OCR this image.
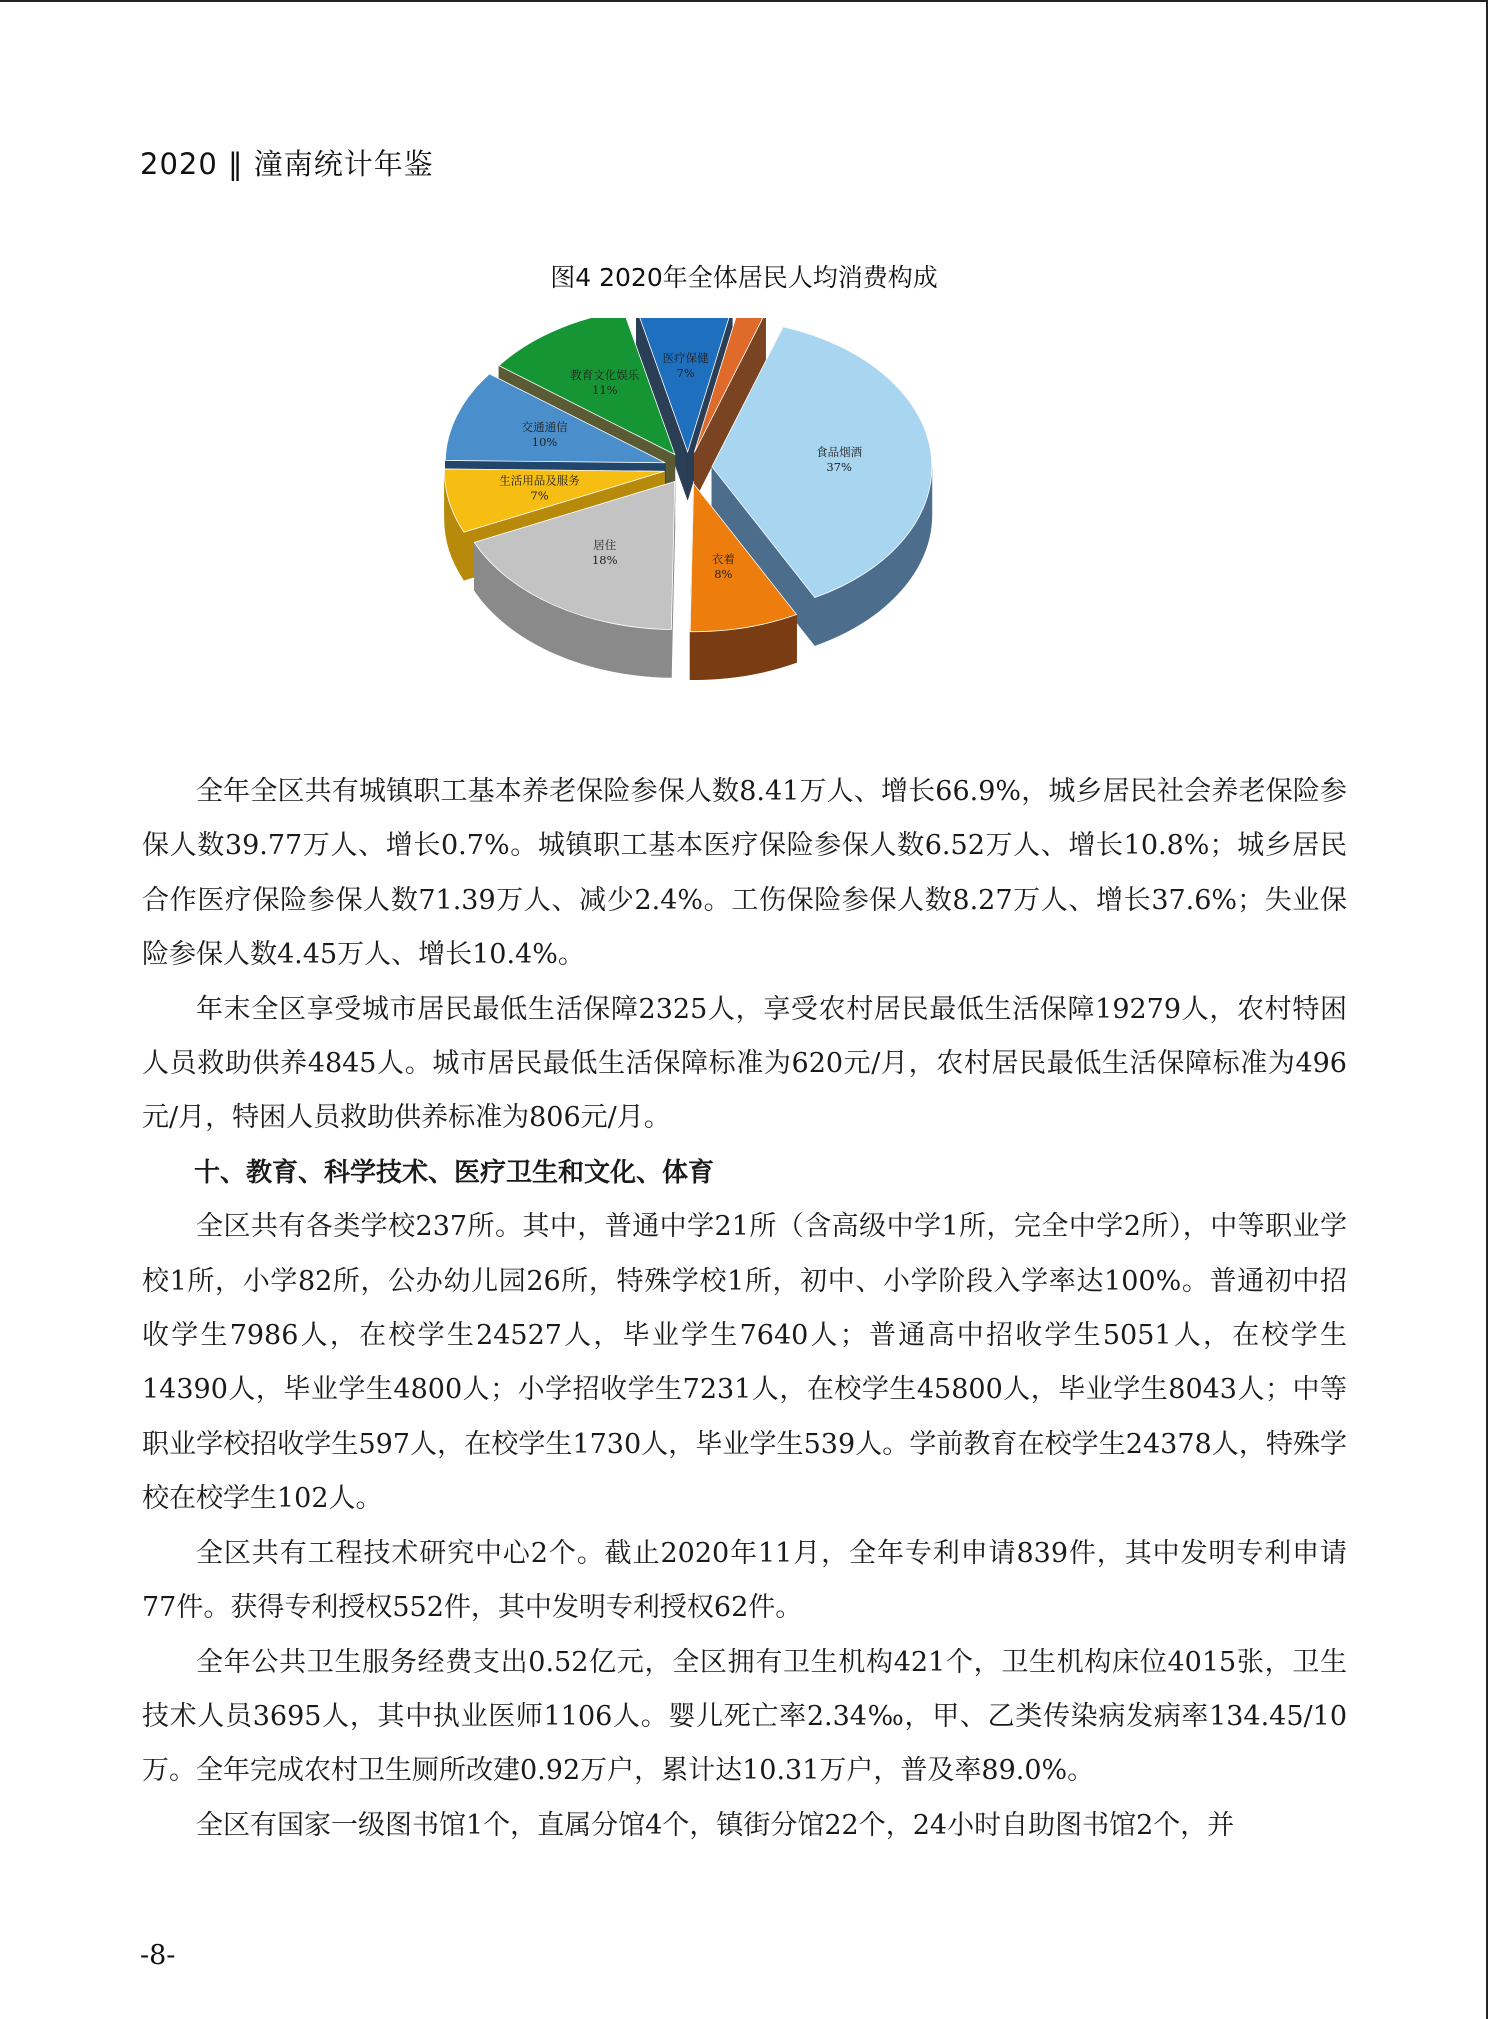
2020 ‖ 潼南统计年鉴
图4 2020年全体居民人均消费构成
食品烟酒
37%
衣着
8%
居住
18%
生活用品及服务
7%
交通通信
10%
教育文化娱乐
11%
医疗保健
7%

全年全区共有城镇职工基本养老保险参保人数8.41万人、增长66.9%，城乡居民社会养老保险参保人数39.77万人、增长0.7%。城镇职工基本医疗保险参保人数6.52万人、增长10.8%；城乡居民合作医疗保险参保人数71.39万人、减少2.4%。工伤保险参保人数8.27万人、增长37.6%；失业保险参保人数4.45万人、增长10.4%。

年末全区享受城市居民最低生活保障2325人，享受农村居民最低生活保障19279人，农村特困人员救助供养4845人。城市居民最低生活保障标准为620元/月，农村居民最低生活保障标准为496元/月，特困人员救助供养标准为806元/月。

十、教育、科学技术、医疗卫生和文化、体育

全区共有各类学校237所。其中，普通中学21所（含高级中学1所，完全中学2所），中等职业学校1所，小学82所，公办幼儿园26所，特殊学校1所，初中、小学阶段入学率达100%。普通初中招收学生7986人，在校学生24527人，毕业学生7640人；普通高中招收学生5051人，在校学生14390人，毕业学生4800人；小学招收学生7231人，在校学生45800人，毕业学生8043人；中等职业学校招收学生597人，在校学生1730人，毕业学生539人。学前教育在校学生24378人，特殊学校在校学生102人。

全区共有工程技术研究中心2个。截止2020年11月，全年专利申请839件，其中发明专利申请77件。获得专利授权552件，其中发明专利授权62件。

全年公共卫生服务经费支出0.52亿元，全区拥有卫生机构421个，卫生机构床位4015张，卫生技术人员3695人，其中执业医师1106人。婴儿死亡率2.34‰，甲、乙类传染病发病率134.45/10万。全年完成农村卫生厕所改建0.92万户，累计达10.31万户，普及率89.0%。

全区有国家一级图书馆1个，直属分馆4个，镇街分馆22个，24小时自助图书馆2个，并

-8-
